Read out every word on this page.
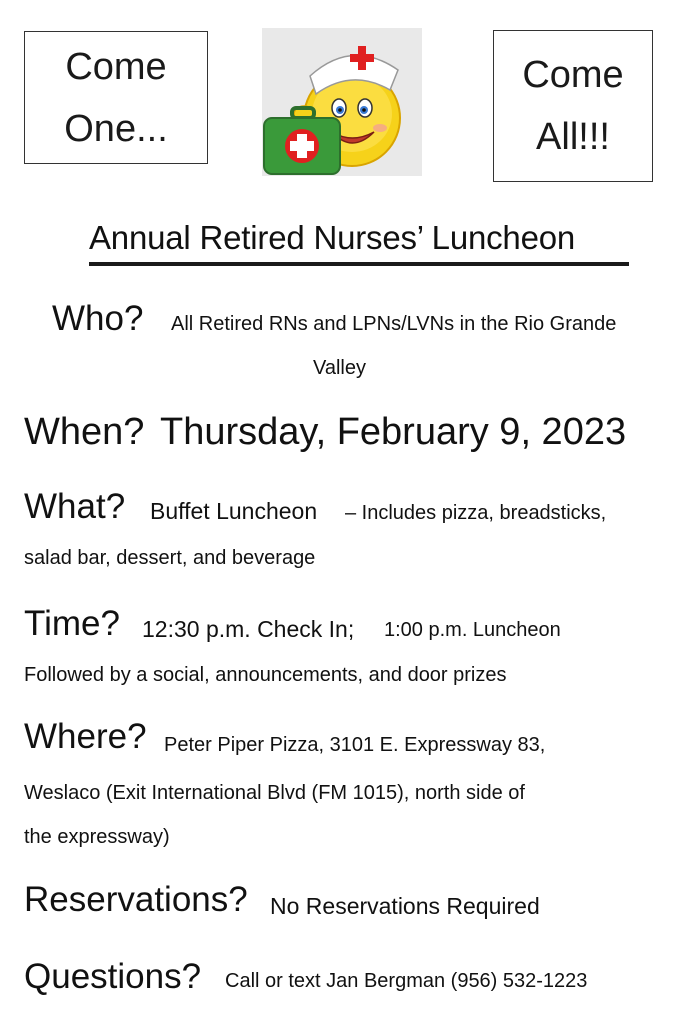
Come
One...
Come
All!!!
Annual Retired Nurses’ Luncheon
Who? All Retired RNs and LPNs/LVNs in the Rio Grande
Valley
When? Thursday, February 9, 2023
What? Buffet Luncheon – Includes pizza, breadsticks,
salad bar, dessert, and beverage
Time? 12:30 p.m. Check In; 1:00 p.m. Luncheon
Followed by a social, announcements, and door prizes
Where? Peter Piper Pizza, 3101 E. Expressway 83,
Weslaco (Exit International Blvd (FM 1015), north side of
the expressway)
Reservations? No Reservations Required
Questions? Call or text Jan Bergman (956) 532-1223
